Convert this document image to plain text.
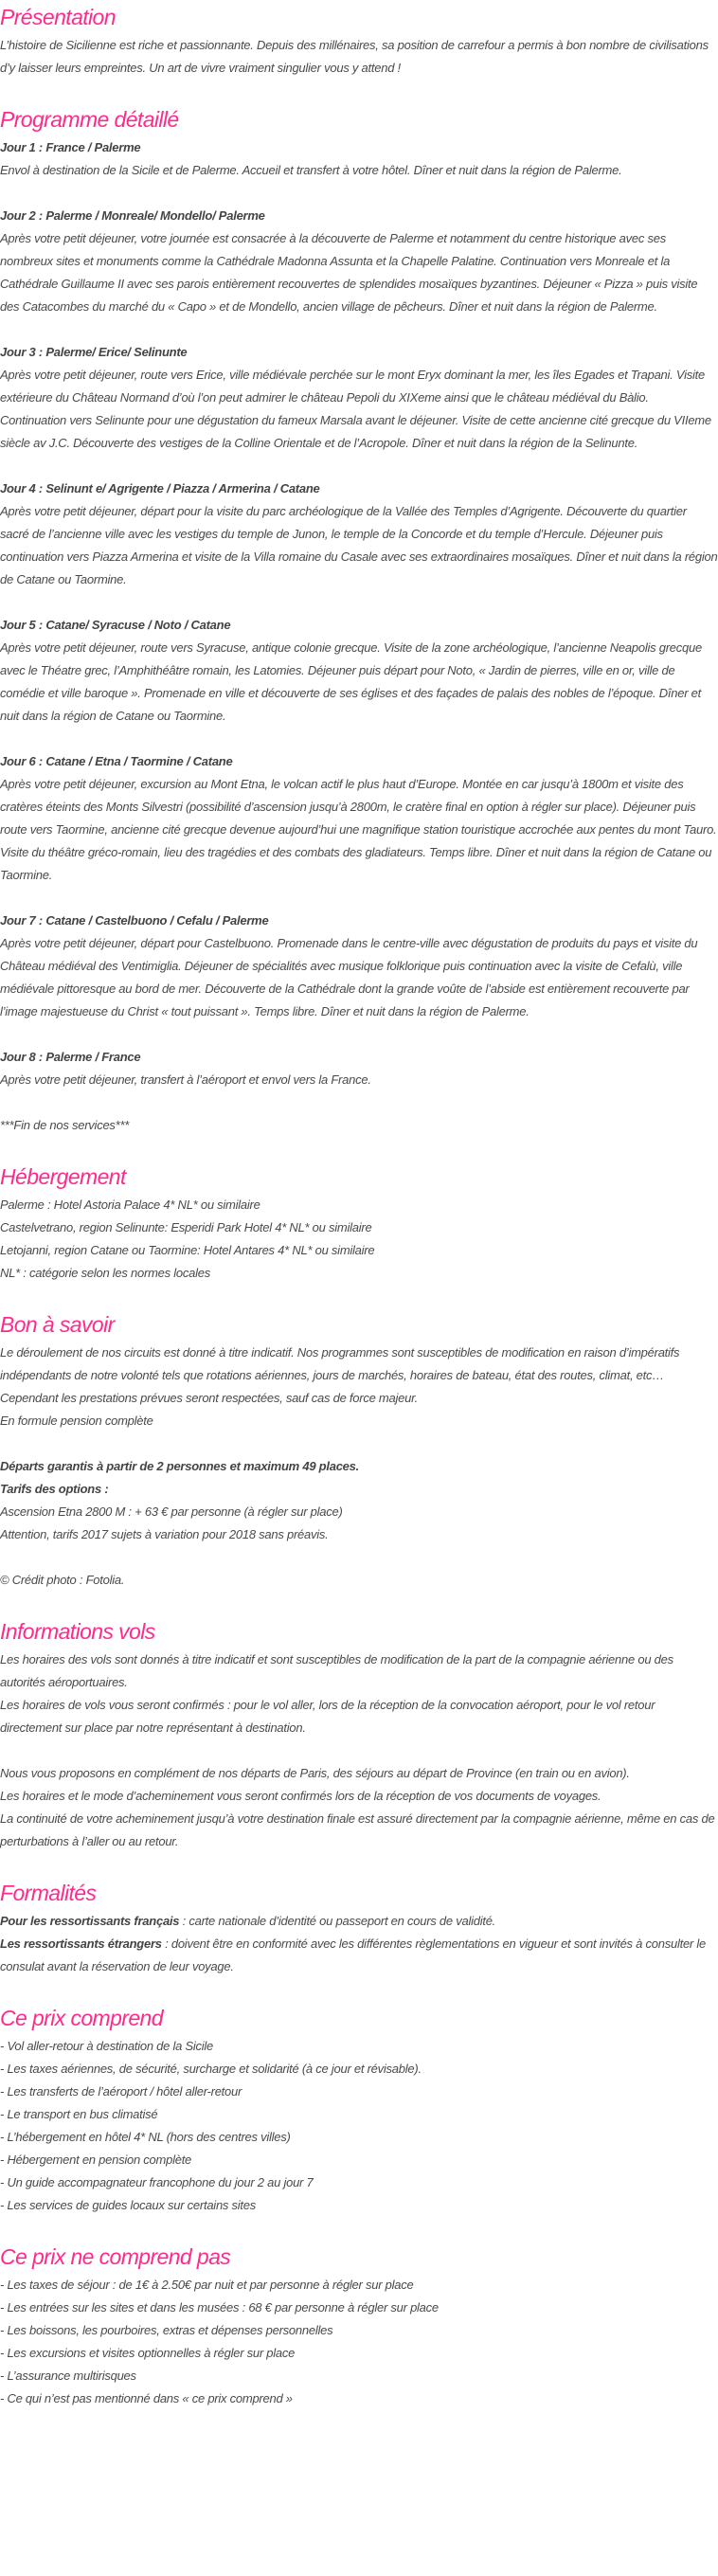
Présentation

L’histoire de Sicilienne est riche et passionnante. Depuis des millénaires, sa position de carrefour a permis à bon nombre de civilisations d’y laisser leurs empreintes. Un art de vivre vraiment singulier vous y attend !

Programme détaillé

Jour 1 : France / Palerme
Envol à destination de la Sicile et de Palerme. Accueil et transfert à votre hôtel. Dîner et nuit dans la région de Palerme.

Jour 2 : Palerme / Monreale/ Mondello/ Palerme
Après votre petit déjeuner, votre journée est consacrée à la découverte de Palerme et notamment du centre historique avec ses nombreux sites et monuments comme la Cathédrale Madonna Assunta et la Chapelle Palatine. Continuation vers Monreale et la Cathédrale Guillaume II avec ses parois entièrement recouvertes de splendides mosaïques byzantines. Déjeuner « Pizza » puis visite des Catacombes du marché du « Capo » et de Mondello, ancien village de pêcheurs. Dîner et nuit dans la région de Palerme.

Jour 3 : Palerme/ Erice/ Selinunte
Après votre petit déjeuner, route vers Erice, ville médiévale perchée sur le mont Eryx dominant la mer, les îles Egades et Trapani. Visite extérieure du Château Normand d’où l’on peut admirer le château Pepoli du XIXeme ainsi que le château médiéval du Bàlio. Continuation vers Selinunte pour une dégustation du fameux Marsala avant le déjeuner. Visite de cette ancienne cité grecque du VIIeme siècle av J.C. Découverte des vestiges de la Colline Orientale et de l’Acropole. Dîner et nuit dans la région de la Selinunte.

Jour 4 : Selinunt e/ Agrigente / Piazza / Armerina / Catane
Après votre petit déjeuner, départ pour la visite du parc archéologique de la Vallée des Temples d’Agrigente. Découverte du quartier sacré de l’ancienne ville avec les vestiges du temple de Junon, le temple de la Concorde et du temple d’Hercule. Déjeuner puis continuation vers Piazza Armerina et visite de la Villa romaine du Casale avec ses extraordinaires mosaïques. Dîner et nuit dans la région de Catane ou Taormine.

Jour 5 : Catane/ Syracuse / Noto / Catane
Après votre petit déjeuner, route vers Syracuse, antique colonie grecque. Visite de la zone archéologique, l’ancienne Neapolis grecque avec le Théatre grec, l’Amphithéâtre romain, les Latomies. Déjeuner puis départ pour Noto, « Jardin de pierres, ville en or, ville de comédie et ville baroque ». Promenade en ville et découverte de ses églises et des façades de palais des nobles de l’époque. Dîner et nuit dans la région de Catane ou Taormine.

Jour 6 : Catane / Etna / Taormine / Catane
Après votre petit déjeuner, excursion au Mont Etna, le volcan actif le plus haut d’Europe. Montée en car jusqu’à 1800m et visite des cratères éteints des Monts Silvestri (possibilité d’ascension jusqu’à 2800m, le cratère final en option à régler sur place). Déjeuner puis route vers Taormine, ancienne cité grecque devenue aujourd’hui une magnifique station touristique accrochée aux pentes du mont Tauro. Visite du théâtre gréco-romain, lieu des tragédies et des combats des gladiateurs. Temps libre. Dîner et nuit dans la région de Catane ou Taormine.

Jour 7 : Catane / Castelbuono / Cefalu / Palerme
Après votre petit déjeuner, départ pour Castelbuono. Promenade dans le centre-ville avec dégustation de produits du pays et visite du Château médiéval des Ventimiglia. Déjeuner de spécialités avec musique folklorique puis continuation avec la visite de Cefalù, ville médiévale pittoresque au bord de mer. Découverte de la Cathédrale dont la grande voûte de l’abside est entièrement recouverte par l’image majestueuse du Christ « tout puissant ». Temps libre. Dîner et nuit dans la région de Palerme.

Jour 8 : Palerme / France
Après votre petit déjeuner, transfert à l’aéroport et envol vers la France.

***Fin de nos services***

Hébergement

Palerme : Hotel Astoria Palace 4* NL* ou similaire
Castelvetrano, region Selinunte: Esperidi Park Hotel 4* NL* ou similaire
Letojanni, region Catane ou Taormine: Hotel Antares 4* NL* ou similaire
NL* : catégorie selon les normes locales

Bon à savoir

Le déroulement de nos circuits est donné à titre indicatif. Nos programmes sont susceptibles de modification en raison d’impératifs indépendants de notre volonté tels que rotations aériennes, jours de marchés, horaires de bateau, état des routes, climat, etc… Cependant les prestations prévues seront respectées, sauf cas de force majeur.
En formule pension complète

Départs garantis à partir de 2 personnes et maximum 49 places.
Tarifs des options :
Ascension Etna 2800 M : + 63 € par personne (à régler sur place)
Attention, tarifs 2017 sujets à variation pour 2018 sans préavis.

© Crédit photo : Fotolia.

Informations vols

Les horaires des vols sont donnés à titre indicatif et sont susceptibles de modification de la part de la compagnie aérienne ou des autorités aéroportuaires.
Les horaires de vols vous seront confirmés : pour le vol aller, lors de la réception de la convocation aéroport, pour le vol retour directement sur place par notre représentant à destination.

Nous vous proposons en complément de nos départs de Paris, des séjours au départ de Province (en train ou en avion).
Les horaires et le mode d’acheminement vous seront confirmés lors de la réception de vos documents de voyages.
La continuité de votre acheminement jusqu’à votre destination finale est assuré directement par la compagnie aérienne, même en cas de perturbations à l’aller ou au retour.

Formalités

Pour les ressortissants français : carte nationale d’identité ou passeport en cours de validité.
Les ressortissants étrangers : doivent être en conformité avec les différentes règlementations en vigueur et sont invités à consulter le consulat avant la réservation de leur voyage.

Ce prix comprend

- Vol aller-retour à destination de la Sicile
- Les taxes aériennes, de sécurité, surcharge et solidarité (à ce jour et révisable).
- Les transferts de l’aéroport / hôtel aller-retour
- Le transport en bus climatisé
- L’hébergement en hôtel 4* NL (hors des centres villes)
- Hébergement en pension complète
- Un guide accompagnateur francophone du jour 2 au jour 7
- Les services de guides locaux sur certains sites

Ce prix ne comprend pas

- Les taxes de séjour : de 1€ à 2.50€ par nuit et par personne à régler sur place
- Les entrées sur les sites et dans les musées : 68 € par personne à régler sur place
- Les boissons, les pourboires, extras et dépenses personnelles
- Les excursions et visites optionnelles à régler sur place
- L’assurance multirisques
- Ce qui n’est pas mentionné dans « ce prix comprend »
